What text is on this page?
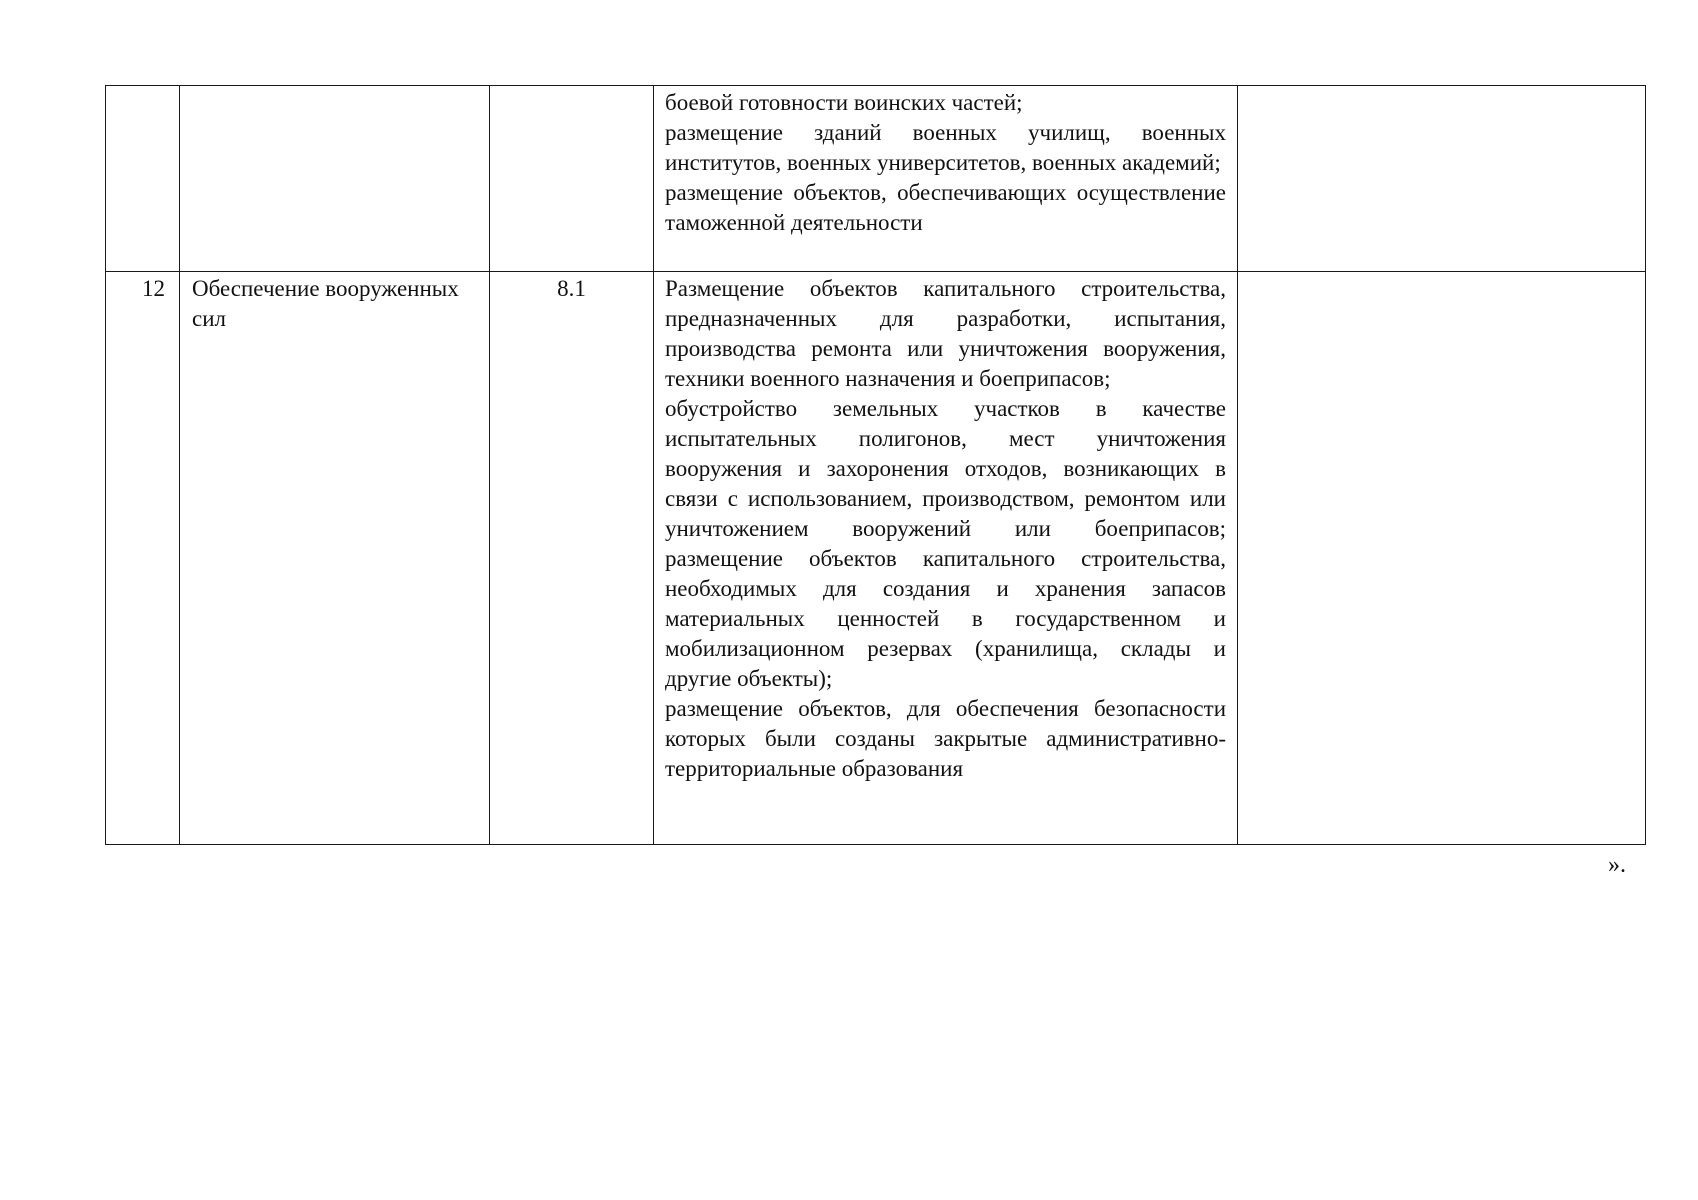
			боевой готовности воинских частей;
размещение зданий военных училищ, военных институтов, военных университетов, военных академий;
размещение объектов, обеспечивающих осуществление таможенной деятельности	

12	Обеспечение вооруженных сил	8.1	Размещение объектов капитального строительства, предназначенных для разработки, испытания, производства ремонта или уничтожения вооружения, техники военного назначения и боеприпасов;
обустройство земельных участков в качестве испытательных полигонов, мест уничтожения вооружения и захоронения отходов, возникающих в связи с использованием, производством, ремонтом или уничтожением вооружений или боеприпасов; размещение объектов капитального строительства, необходимых для создания и хранения запасов материальных ценностей в государственном и мобилизационном резервах (хранилища, склады и другие объекты);
размещение объектов, для обеспечения безопасности которых были созданы закрытые административно-территориальные образования	

».
